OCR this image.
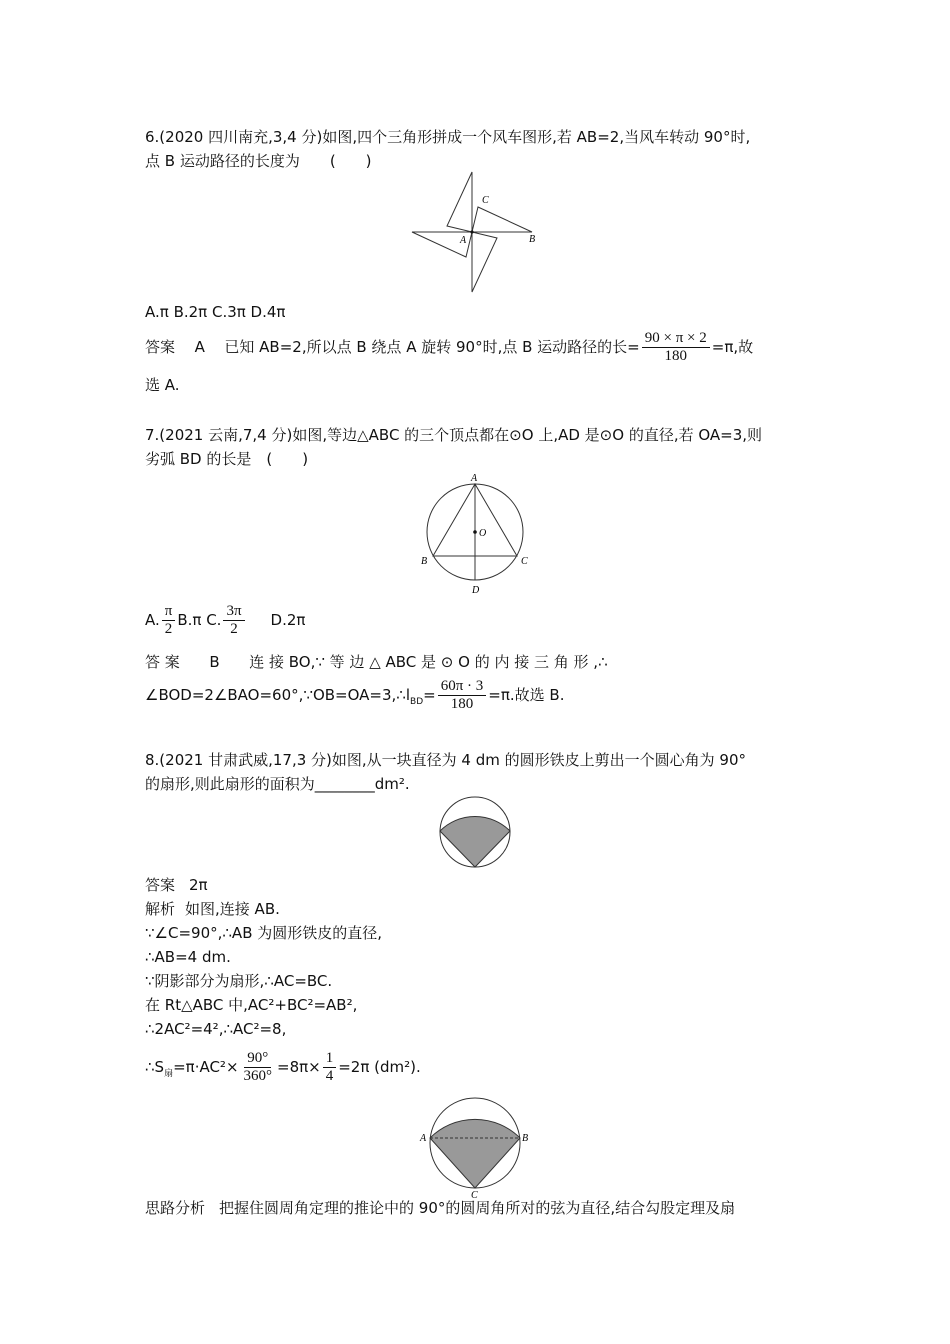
6.(2020 四川南充,3,4 分)如图,四个三角形拼成一个风车图形,若 AB=2,当风车转动 90°时,
点 B 运动路径的长度为　　(　　)
C
A	B
A.π B.2π C.3π D.4π
答案 A 已知 AB=2,所以点 B 绕点 A 旋转 90°时,点 B 运动路径的长= $\frac{90 \times \pi \times 2}{180} =\pi$,故
选 A.
7.(2021 云南,7,4 分)如图,等边△ABC 的三个顶点都在⊙O 上,AD 是⊙O 的直径,若 OA=3,则
劣弧 BD 的长是　(　　)
A
O
B	C
D
A. $\frac{\pi}{2} B.\pi$ C. $\frac{3\pi}{2} D.2\pi$
答 案 B 连 接 BO,∵ 等 边 △ ABC 是 ⊙ O 的 内 接 三 角 形 ,∴
$\angle BOD=2\angle BAO=60^\circ,\because OB=OA=3,\therefore l_{BD}= \frac{60\pi \cdot 3}{180} =\pi$.故选 B.
8.(2021 甘肃武威,17,3 分)如图,从一块直径为 4 dm 的圆形铁皮上剪出一个圆心角为 90°
的扇形,则此扇形的面积为________dm².
答案 2π
解析 如图,连接 AB.
∵∠C=90°,∴AB 为圆形铁皮的直径,
∴AB=4 dm.
∵阴影部分为扇形,∴AC=BC.
在 Rt△ABC 中,AC²+BC²=AB²,
∴2AC²=4²,∴AC²=8,
$\therefore S_扇=\pi\cdot AC^2\times \frac{90^\circ}{360^\circ} =8\pi\times \frac{1}{4} =2\pi$ (dm²).
A	B
C
思路分析 把握住圆周角定理的推论中的 90°的圆周角所对的弦为直径,结合勾股定理及扇
